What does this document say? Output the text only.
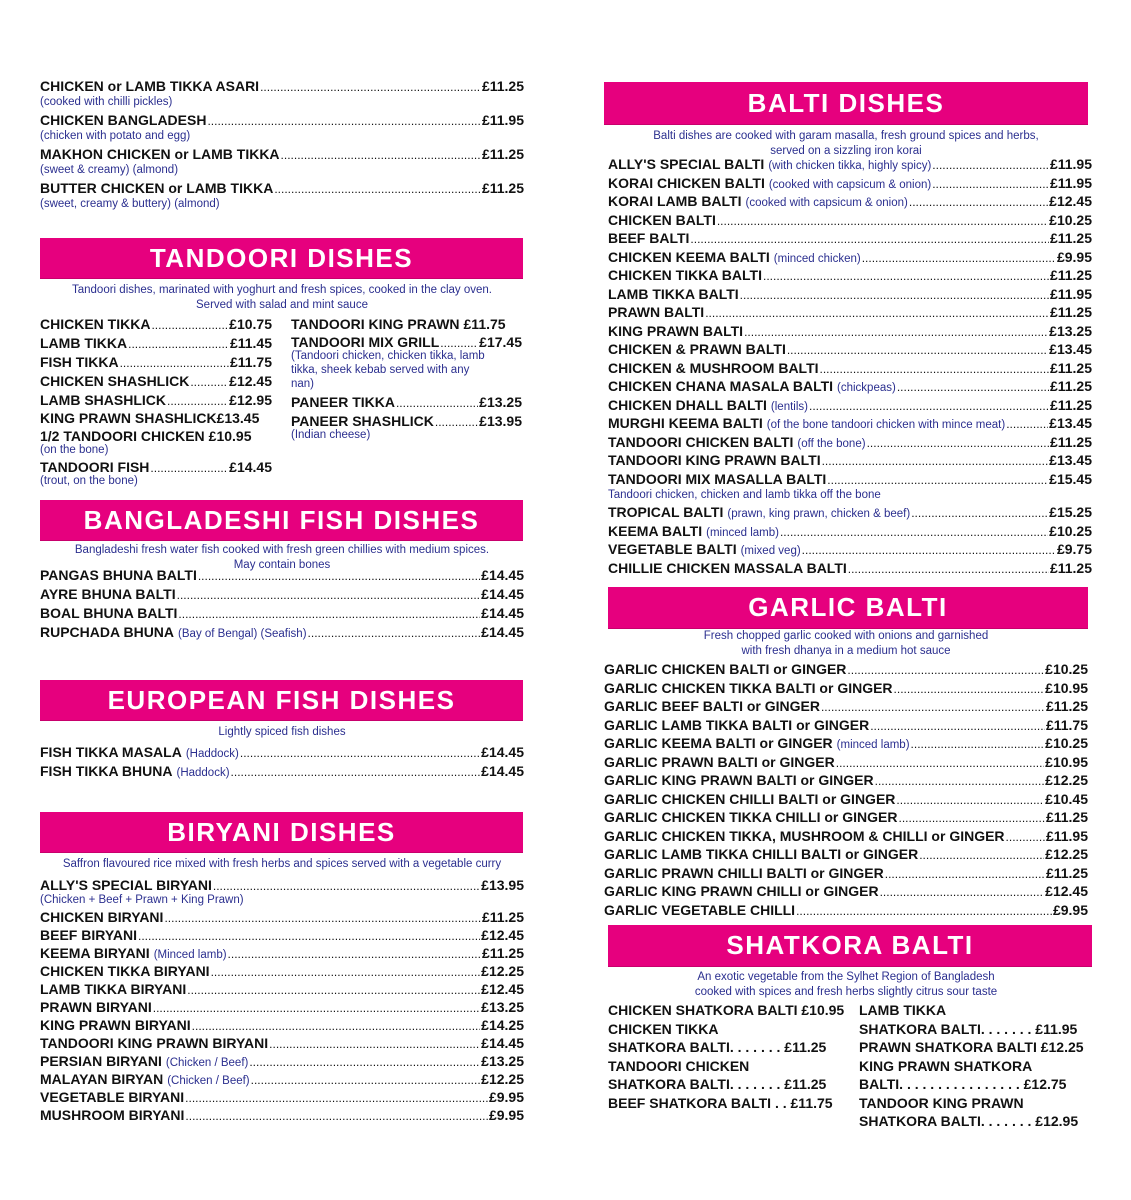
CHICKEN or LAMB TIKKA ASARI .....	£11.25
(cooked with chilli pickles)
CHICKEN BANGLADESH .....	£11.95
(chicken with potato and egg)
MAKHON CHICKEN or LAMB TIKKA .....	£11.25
(sweet & creamy) (almond)
BUTTER CHICKEN or LAMB TIKKA .....	£11.25
(sweet, creamy & buttery) (almond)
TANDOORI DISHES
Tandoori dishes, marinated with yoghurt and fresh spices, cooked in the clay oven.
Served with salad and mint sauce
CHICKEN TIKKA .....	£10.75
LAMB TIKKA .....	£11.45
FISH TIKKA .....	£11.75
CHICKEN SHASHLICK .....	£12.45
LAMB SHASHLICK .....	£12.95
KING PRAWN SHASHLICK £13.45
1/2 TANDOORI CHICKEN £10.95
(on the bone)
TANDOORI FISH .....	£14.45
(trout, on the bone)
TANDOORI KING PRAWN £11.75
TANDOORI MIX GRILL .....	£17.45
(Tandoori chicken, chicken tikka, lamb tikka, sheek kebab served with any nan)
PANEER TIKKA .....	£13.25
PANEER SHASHLICK .....	£13.95
(Indian cheese)
BANGLADESHI FISH DISHES
Bangladeshi fresh water fish cooked with fresh green chillies with medium spices.
May contain bones
PANGAS BHUNA BALTI .....	£14.45
AYRE BHUNA BALTI .....	£14.45
BOAL BHUNA BALTI .....	£14.45
RUPCHADA BHUNA (Bay of Bengal) (Seafish) .....	£14.45
EUROPEAN FISH DISHES
Lightly spiced fish dishes
FISH TIKKA MASALA (Haddock) .....	£14.45
FISH TIKKA BHUNA (Haddock) .....	£14.45
BIRYANI DISHES
Saffron flavoured rice mixed with fresh herbs and spices served with a vegetable curry
ALLY'S SPECIAL BIRYANI .....	£13.95
(Chicken + Beef + Prawn + King Prawn)
CHICKEN BIRYANI .....	£11.25
BEEF BIRYANI .....	£12.45
KEEMA BIRYANI (Minced lamb) .....	£11.25
CHICKEN TIKKA BIRYANI .....	£12.25
LAMB TIKKA BIRYANI .....	£12.45
PRAWN BIRYANI .....	£13.25
KING PRAWN BIRYANI .....	£14.25
TANDOORI KING PRAWN BIRYANI .....	£14.45
PERSIAN BIRYANI (Chicken / Beef) .....	£13.25
MALAYAN BIRYAN (Chicken / Beef) .....	£12.25
VEGETABLE BIRYANI .....	£9.95
MUSHROOM BIRYANI .....	£9.95
BALTI DISHES
Balti dishes are cooked with garam masalla, fresh ground spices and herbs,
served on a sizzling iron korai
ALLY'S SPECIAL BALTI (with chicken tikka, highly spicy) .....	£11.95
KORAI CHICKEN BALTI (cooked with capsicum & onion) .....	£11.95
KORAI LAMB BALTI (cooked with capsicum & onion) .....	£12.45
CHICKEN BALTI .....	£10.25
BEEF BALTI .....	£11.25
CHICKEN KEEMA BALTI (minced chicken) .....	£9.95
CHICKEN TIKKA BALTI .....	£11.25
LAMB TIKKA BALTI .....	£11.95
PRAWN BALTI .....	£11.25
KING PRAWN BALTI .....	£13.25
CHICKEN & PRAWN BALTI .....	£13.45
CHICKEN & MUSHROOM BALTI .....	£11.25
CHICKEN CHANA MASALA BALTI (chickpeas) .....	£11.25
CHICKEN DHALL BALTI (lentils) .....	£11.25
MURGHI KEEMA BALTI (of the bone tandoori chicken with mince meat) .....	£13.45
TANDOORI CHICKEN BALTI (off the bone) .....	£11.25
TANDOORI KING PRAWN BALTI .....	£13.45
TANDOORI MIX MASALLA BALTI .....	£15.45
Tandoori chicken, chicken and lamb tikka off the bone
TROPICAL BALTI (prawn, king prawn, chicken & beef) .....	£15.25
KEEMA BALTI (minced lamb) .....	£10.25
VEGETABLE BALTI (mixed veg) .....	£9.75
CHILLIE CHICKEN MASSALA BALTI .....	£11.25
GARLIC BALTI
Fresh chopped garlic cooked with onions and garnished
with fresh dhanya in a medium hot sauce
GARLIC CHICKEN BALTI or GINGER .....	£10.25
GARLIC CHICKEN TIKKA BALTI or GINGER .....	£10.95
GARLIC BEEF BALTI or GINGER .....	£11.25
GARLIC LAMB TIKKA BALTI or GINGER .....	£11.75
GARLIC KEEMA BALTI or GINGER (minced lamb) .....	£10.25
GARLIC PRAWN BALTI or GINGER .....	£10.95
GARLIC KING PRAWN BALTI or GINGER .....	£12.25
GARLIC CHICKEN CHILLI BALTI or GINGER .....	£10.45
GARLIC CHICKEN TIKKA CHILLI or GINGER .....	£11.25
GARLIC CHICKEN TIKKA, MUSHROOM & CHILLI or GINGER .....	£11.95
GARLIC LAMB TIKKA CHILLI BALTI or GINGER .....	£12.25
GARLIC PRAWN CHILLI BALTI or GINGER .....	£11.25
GARLIC KING PRAWN CHILLI or GINGER .....	£12.45
GARLIC VEGETABLE CHILLI .....	£9.95
SHATKORA BALTI
An exotic vegetable from the Sylhet Region of Bangladesh
cooked with spices and fresh herbs slightly citrus sour taste
CHICKEN SHATKORA BALTI £10.95
CHICKEN TIKKA
SHATKORA BALTI. . . . . . . £11.25
TANDOORI CHICKEN
SHATKORA BALTI. . . . . . . £11.25
BEEF SHATKORA BALTI . . £11.75
LAMB TIKKA
SHATKORA BALTI. . . . . . . £11.95
PRAWN SHATKORA BALTI £12.25
KING PRAWN SHATKORA
BALTI. . . . . . . . . . . . . . . . £12.75
TANDOOR KING PRAWN
SHATKORA BALTI. . . . . . . £12.95
